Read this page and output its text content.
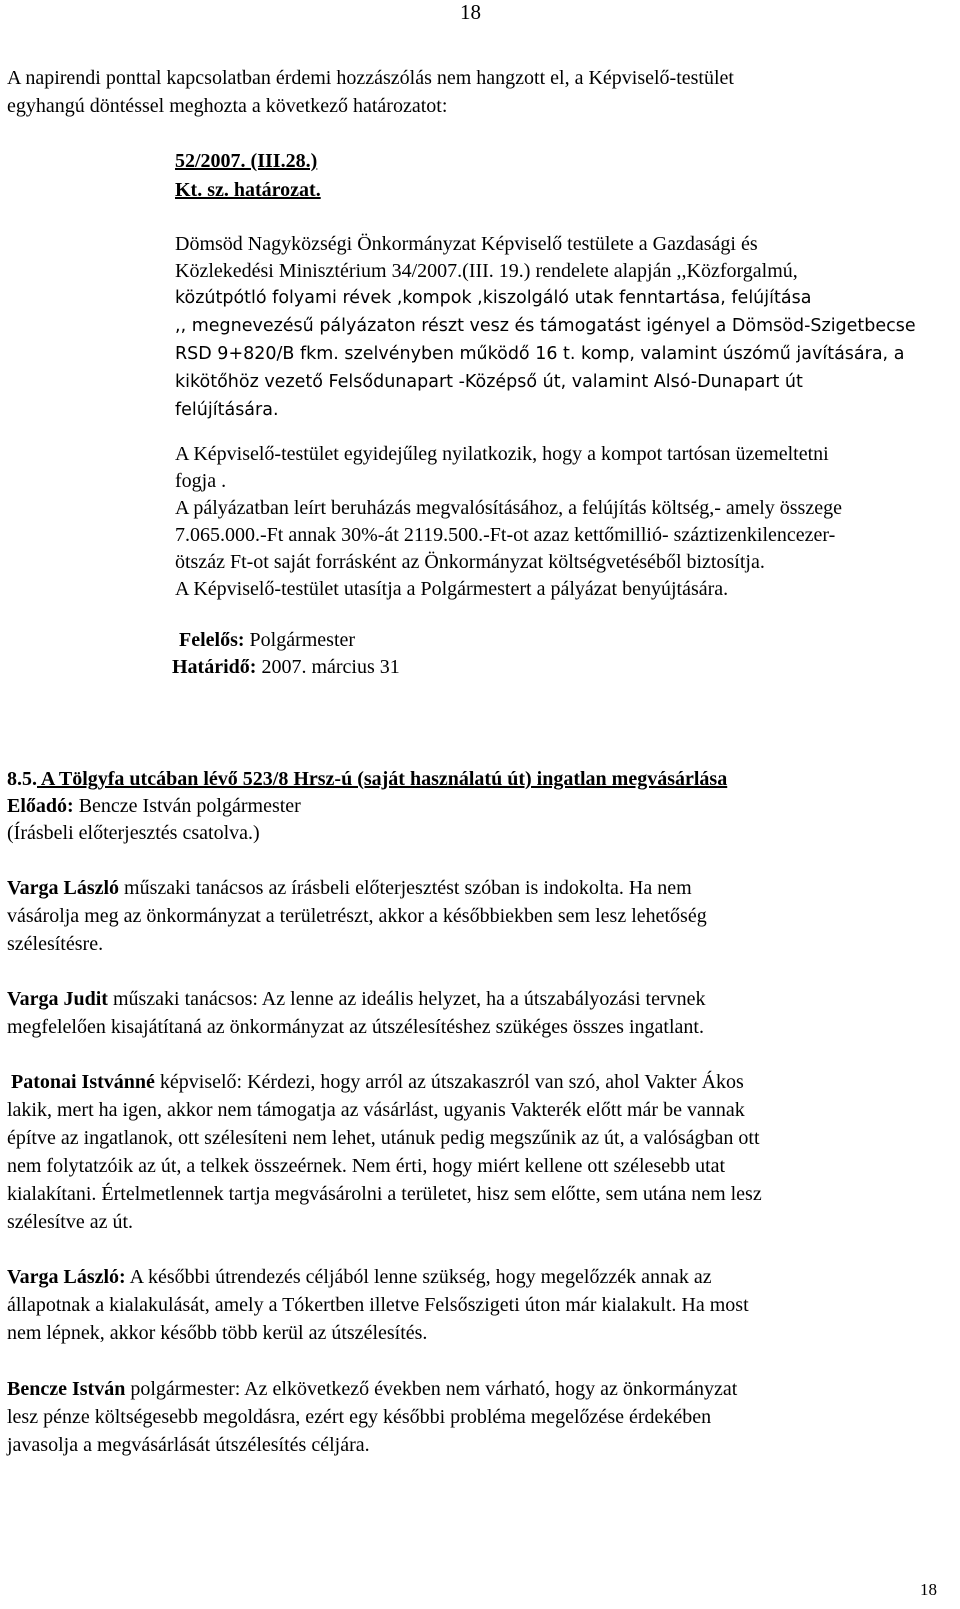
18
A napirendi ponttal kapcsolatban érdemi hozzászólás nem hangzott el, a Képviselő-testület
egyhangú döntéssel meghozta a következő határozatot:
52/2007. (III.28.)
Kt. sz. határozat.
Dömsöd Nagyközségi Önkormányzat Képviselő testülete a Gazdasági és
Közlekedési Minisztérium 34/2007.(III. 19.) rendelete alapján ,,Közforgalmú,
közútpótló folyami révek ,kompok ,kiszolgáló utak fenntartása, felújítása
,, megnevezésű pályázaton részt vesz és támogatást igényel a Dömsöd-Szigetbecse
RSD 9+820/B fkm. szelvényben működő 16 t. komp, valamint úszómű javítására, a
kikötőhöz vezető Felsődunapart -Középső út, valamint Alsó-Dunapart út
felújítására.
A Képviselő-testület egyidejűleg nyilatkozik, hogy a kompot tartósan üzemeltetni
fogja .
A pályázatban leírt beruházás megvalósításához, a felújítás költség,- amely összege
7.065.000.-Ft annak 30%-át 2119.500.-Ft-ot azaz kettőmillió- száztizenkilencezer-
ötszáz Ft-ot saját forrásként az Önkormányzat költségvetéséből biztosítja.
A Képviselő-testület utasítja a Polgármestert a pályázat benyújtására.
Felelős: Polgármester
Határidő: 2007. március 31
8.5. A Tölgyfa utcában lévő 523/8 Hrsz-ú (saját használatú út) ingatlan megvásárlása
Előadó: Bencze István polgármester
(Írásbeli előterjesztés csatolva.)
Varga László műszaki tanácsos az írásbeli előterjesztést szóban is indokolta. Ha nem
vásárolja meg az önkormányzat a területrészt, akkor a későbbiekben sem lesz lehetőség
szélesítésre.
Varga Judit műszaki tanácsos: Az lenne az ideális helyzet, ha a útszabályozási tervnek
megfelelően kisajátítaná az önkormányzat az útszélesítéshez szükéges összes ingatlant.
Patonai Istvánné képviselő: Kérdezi, hogy arról az útszakaszról van szó, ahol Vakter Ákos
lakik, mert ha igen, akkor nem támogatja az vásárlást, ugyanis Vakterék előtt már be vannak
építve az ingatlanok, ott szélesíteni nem lehet, utánuk pedig megszűnik az út, a valóságban ott
nem folytatzóik az út, a telkek összeérnek. Nem érti, hogy miért kellene ott szélesebb utat
kialakítani. Értelmetlennek tartja megvásárolni a területet, hisz sem előtte, sem utána nem lesz
szélesítve az út.
Varga László: A későbbi útrendezés céljából lenne szükség, hogy megelőzzék annak az
állapotnak a kialakulását, amely a Tókertben illetve Felsőszigeti úton már kialakult. Ha most
nem lépnek, akkor később több kerül az útszélesítés.
Bencze István polgármester: Az elkövetkező években nem várható, hogy az önkormányzat
lesz pénze költségesebb megoldásra, ezért egy későbbi probléma megelőzése érdekében
javasolja a megvásárlását útszélesítés céljára.
18
